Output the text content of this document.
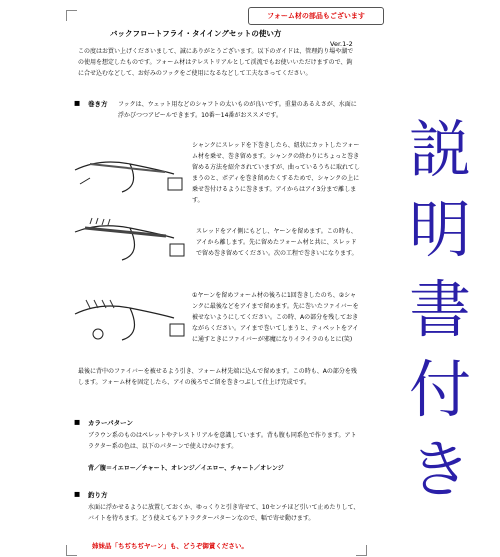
フォーム材の部品もございます
バックフロートフライ・タイイングセットの使い方
Ver.1-2
この度はお買い上げくださいまして、誠にありがとうございます。以下のガイドは、管理釣り場や湖での使用を想定したものです。フォーム材はテレストリアルとして渓流でもお使いいただけますので、鉤に合せ込むなどして、お好みのフックをご使用になるなどして工夫なさってください。
■ 巻き方 フックは、ウェット用などのシャフトの太いものが良いです。重量のあるえさが、水面に浮かびつつアピールできます。10番～14番がおススメです。
シャンクにスレッドを下巻きしたら、紐状にカットしたフォーム材を乗せ、巻き留めます。シャンクの終わりにちょっと巻き留める方法を紹介されていますが、曲っているうちに取れてしまうのと、ボディを巻き留めたくするためで、シャンクの上に乗せ巻付けるように巻きます。アイからはアイ3分まで離します。
スレッドをアイ側にもどし、ヤーンを留めます。この時も、アイから離します。先に留めたフォーム材と共に、スレッドで留め巻き留めてください。次の工程で巻きいになります。
①ヤーンを留めフォーム材の後ろに1回巻きしたのち、②シャンクに最後などをアイまで留めます。先に巻いたファイバーを被せないようにしてください。この時、Aの部分を残しておきながらください。アイまで巻いてしまうと、ティペットをアイに通すときにファイバーが邪魔になりイライラのもとに(笑)
最後に背中のファイバーを被せるよう引き、フォーム材先端に込んで留めます。この時も、Aの部分を残します。フォーム材を固定したら、アイの後ろでご留を巻きつぶして仕上げ完成です。
■ カラーパターン
ブラウン系のものはペレットやテレストリアルを意識しています。背も腹も同系色で作ります。アトラクター系の色は、以下のパターンで使えけかけます。
背／腹＝イエロー／チャート、オレンジ／イエロー、チャート／オレンジ
■ 釣り方
水面に浮かせるように放置しておくか、ゆっくりと引き寄せて、10センチほど引いて止めたりして、バイトを待ちます。どう使えてもアトラクターパターンなので、幅で寄せ動けます。
姉妹品「ちぢちぢヤーン」も、どうぞ御賞ください。
説
明
書
付
き
